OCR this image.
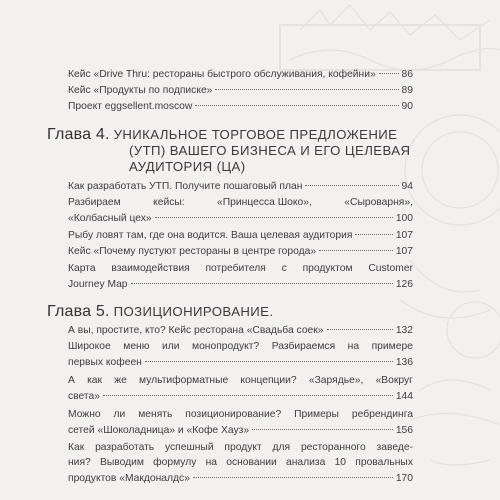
Кейс «Drive Thru: рестораны быстрого обслуживания, кофейни»	86
Кейс «Продукты по подписке»	89
Проект eggsellent.moscow	90
Глава 4. УНИКАЛЬНОЕ ТОРГОВОЕ ПРЕДЛОЖЕНИЕ
(УТП) ВАШЕГО БИЗНЕСА И ЕГО ЦЕЛЕВАЯ
АУДИТОРИЯ (ЦА)
Как разработать УТП. Получите пошаговый план	94
Разбираем	кейсы:	«Принцесса Шоко»,	«Сыроварня»,
«Колбасный цех»	100
Рыбу ловят там, где она водится. Ваша целевая аудитория	107
Кейс «Почему пустуют рестораны в центре города»	107
Карта взаимодействия потребителя с продуктом Customer
Journey Map	126
Глава 5. ПОЗИЦИОНИРОВАНИЕ.
А вы, простите, кто? Кейс ресторана «Свадьба соек»	132
Широкое меню или монопродукт? Разбираемся на примере
первых кофеен	136
А как же мультиформатные концепции? «Зарядье», «Вокруг
света»	144
Можно ли менять позиционирование? Примеры ребрендинга
сетей «Шоколадница» и «Кофе Хауз»	156
Как разработать успешный продукт для ресторанного заведе-
ния? Выводим формулу на основании анализа 10 провальных
продуктов «Макдоналдс»	170
